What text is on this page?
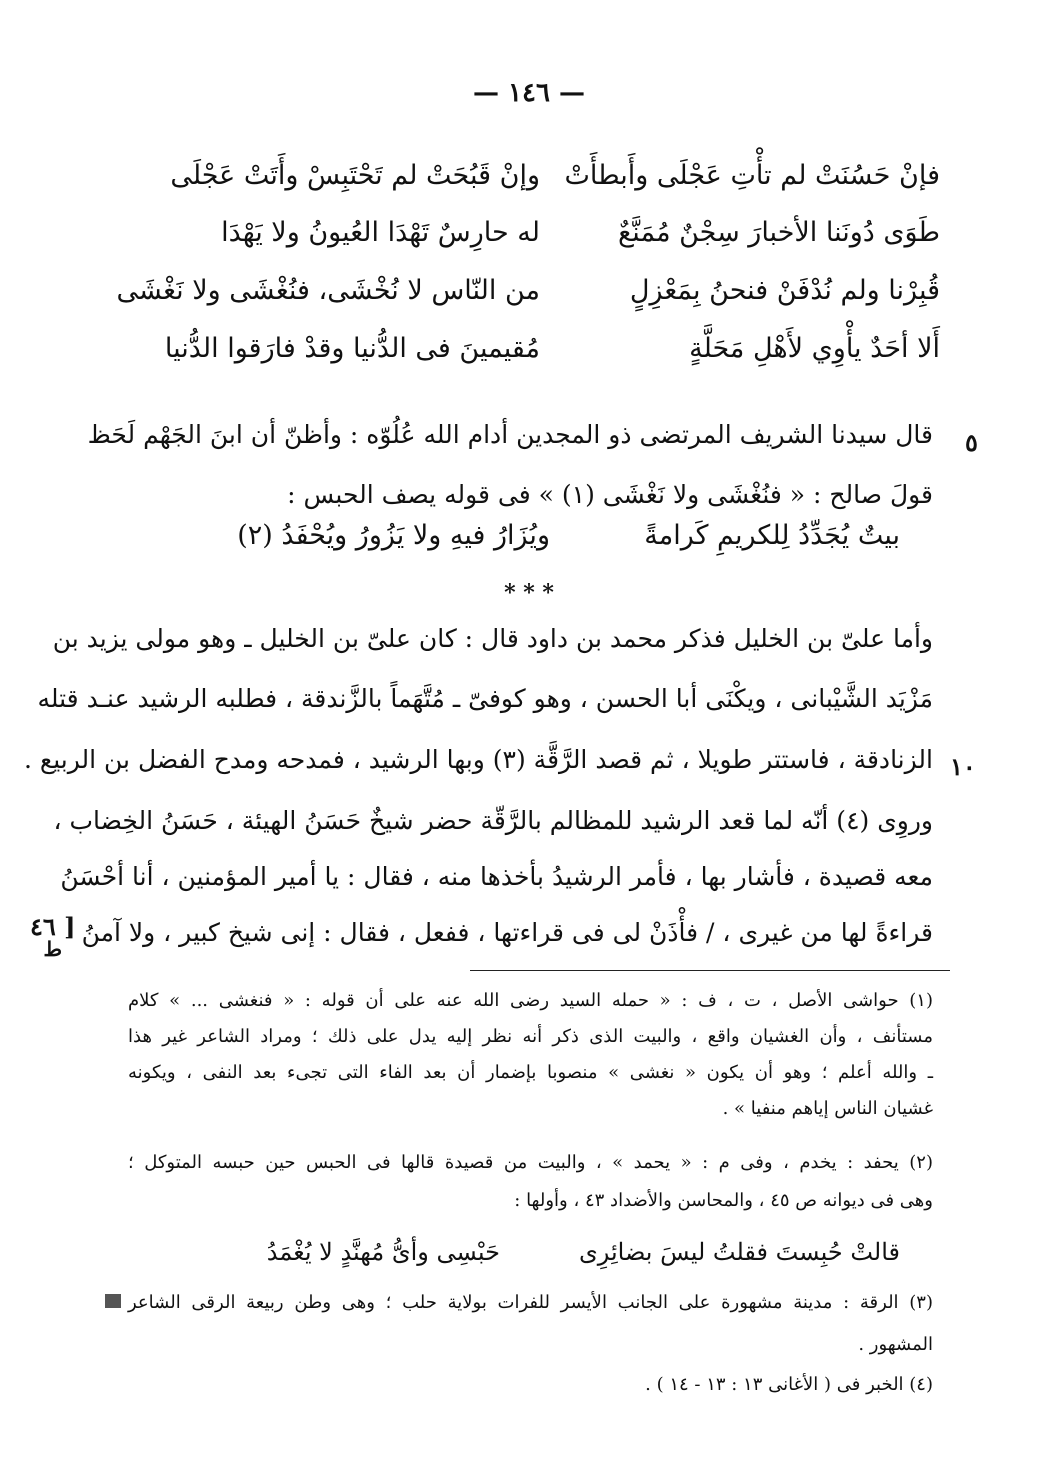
— ١٤٦ —
فإنْ حَسُنَتْ لم تأْتِ عَجْلَى وأَبطأَتْ
وإنْ قَبُحَتْ لم تَحْتَبِسْ وأَتَتْ عَجْلَى
طَوَى دُونَنا الأخبارَ سِجْنٌ مُمَنَّعٌ
له حارِسٌ تَهْدَا العُيونُ ولا يَهْدَا
قُبِرْنا ولم نُدْفَنْ فنحنُ بِمَعْزِلٍ
من النّاس لا نُخْشَى، فنُغْشَى ولا نَغْشَى
أَلا أحَدٌ يأْوِي لأَهْلِ مَحَلَّةٍ
مُقيمينَ فى الدُّنيا وقدْ فارَقوا الدُّنيا
٥
قال سيدنا الشريف المرتضى ذو المجدين أدام الله عُلُوّه : وأظنّ أن ابنَ الجَهْم لَحَظ
قولَ صالح : « فنُغْشَى ولا نَغْشَى (١) » فى قوله يصف الحبس :
بيتٌ يُجَدِّدُ لِلكريمِ كَرامةً
ويُزَارُ فيهِ ولا يَزُورُ ويُحْفَدُ (٢)
* * *
وأما علىّ بن الخليل فذكر محمد بن داود قال : كان علىّ بن الخليل ـ وهو مولى يزيد بن
مَزْيَد الشَّيْبانى ، ويكْنَى أبا الحسن ، وهو كوفىّ ـ مُتَّهَماً بالزَّندقة ، فطلبه الرشيد عنـد قتله
الزنادقة ، فاستتر طويلا ، ثم قصد الرَّقَّة (٣) وبها الرشيد ، فمدحه ومدح الفضل بن الربيع . ١٠
وروِى (٤) أنّه لما قعد الرشيد للمظالم بالرَّقّة حضر شيخٌ حَسَنُ الهيئة ، حَسَنُ الخِضاب ،
معه قصيدة ، فأشار بها ، فأمر الرشيدُ بأخذها منه ، فقال : يا أمير المؤمنين ، أنا أحْسَنُ
قراءةً لها من غيرى ، / فأْذَنْ لى فى قراءتها ، ففعل ، فقال : إنى شيخ كبير ، ولا آمنُ
[ ٤٦
ط
(١) حواشى الأصل ، ت ، ف : « حمله السيد رضى الله عنه على أن قوله : « فنغشى ... » كلام
مستأنف ، وأن الغشيان واقع ، والبيت الذى ذكر أنه نظر إليه يدل على ذلك ؛ ومراد الشاعر غير هذا
ـ والله أعلم ؛ وهو أن يكون « نغشى » منصوبا بإضمار أن بعد الفاء التى تجىء بعد النفى ، ويكونه
غشيان الناس إياهم منفيا » .
(٢) يحفد : يخدم ، وفى م : « يحمد » ، والبيت من قصيدة قالها فى الحبس حين حبسه المتوكل ؛
وهى فى ديوانه ص ٤٥ ، والمحاسن والأضداد ٤٣ ، وأولها :
قالتْ حُبِستَ فقلتُ ليسَ بضائِرِى
حَبْسِى وأىُّ مُهنَّدٍ لا يُغْمَدُ
(٣) الرقة : مدينة مشهورة على الجانب الأيسر للفرات بولاية حلب ؛ وهى وطن ربيعة الرقى الشاعر
المشهور .
(٤) الخبر فى ( الأغانى ١٣ : ١٣ - ١٤ ) .
